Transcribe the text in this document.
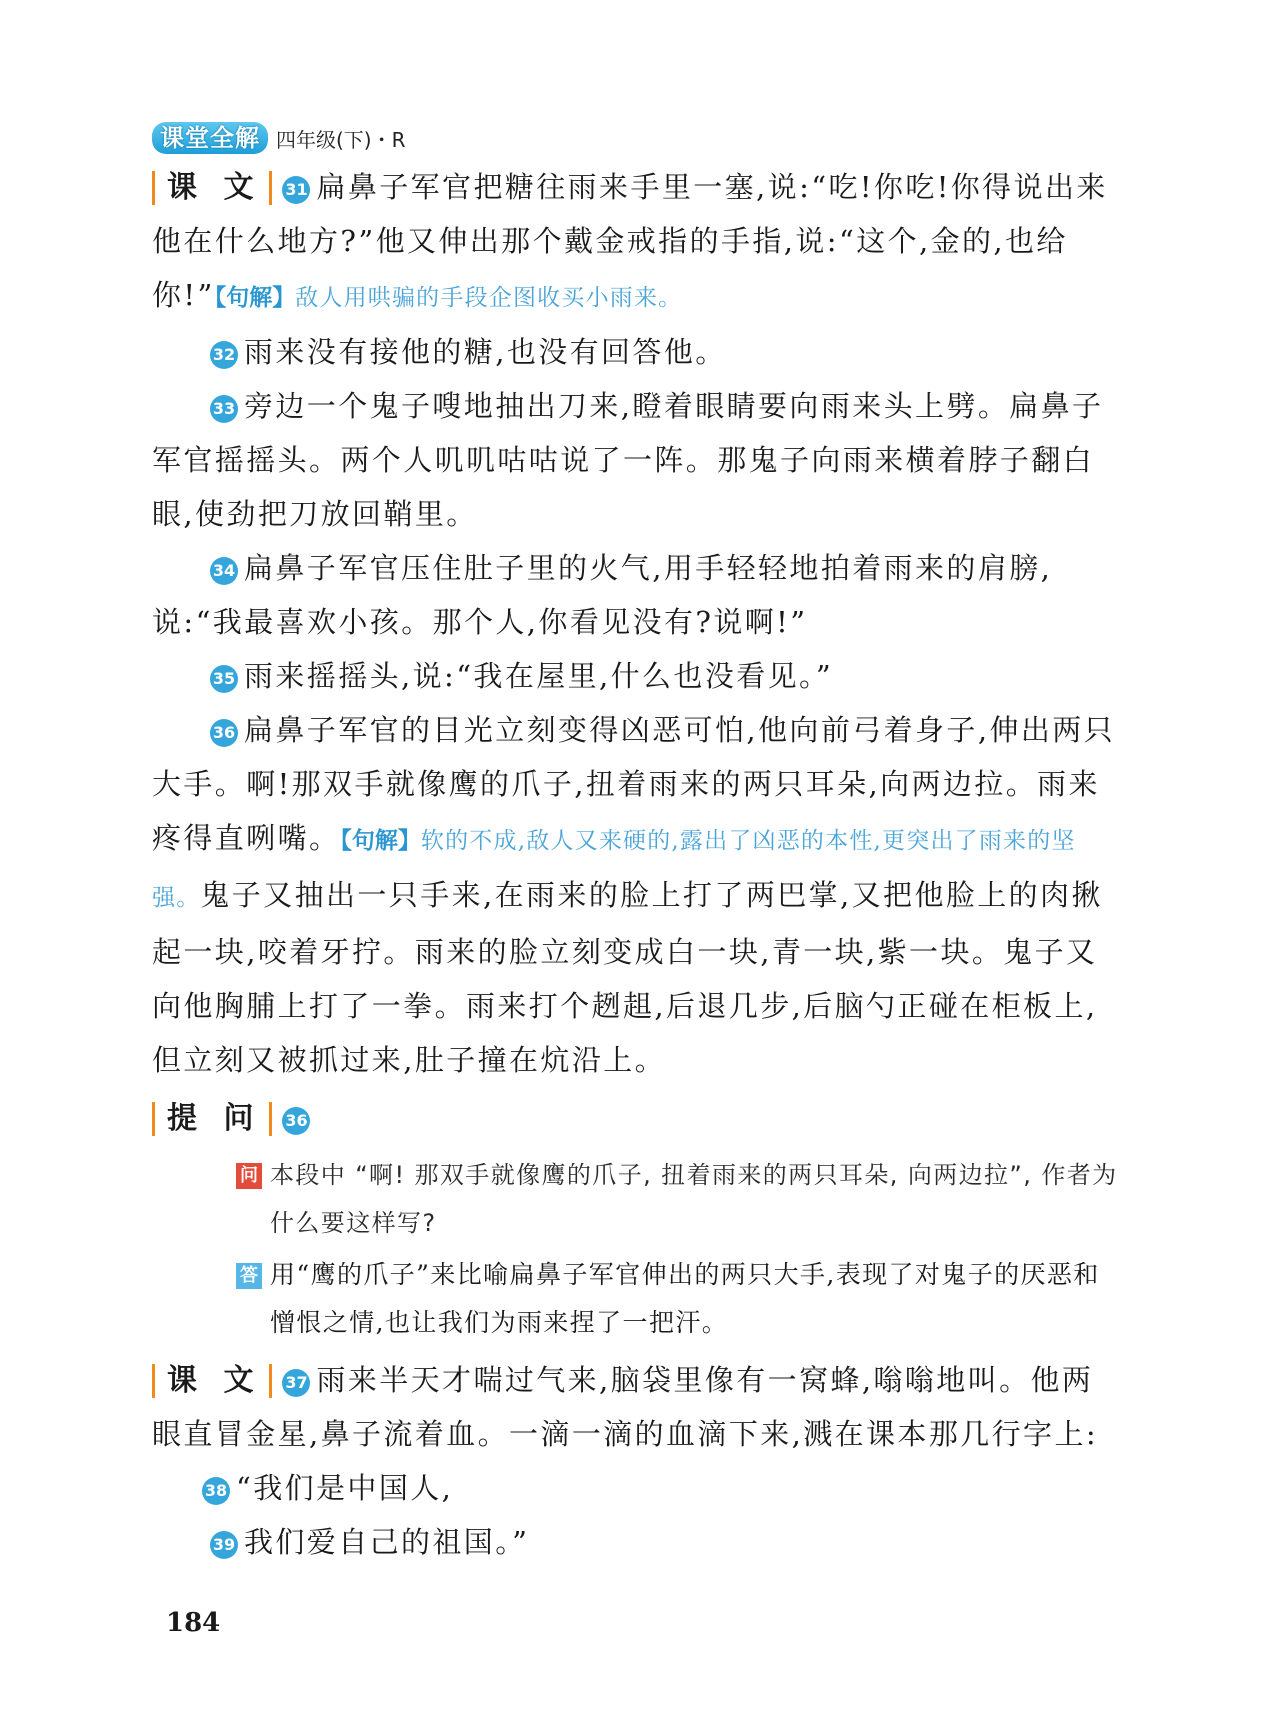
课堂全解 四年级(下)・R

课 文 31 扁鼻子军官把糖往雨来手里一塞,说:“吃!你吃!你得说出来他在什么地方?”他又伸出那个戴金戒指的手指,说:“这个,金的,也给你!”【句解】敌人用哄骗的手段企图收买小雨来。

32 雨来没有接他的糖,也没有回答他。

33 旁边一个鬼子嗖地抽出刀来,瞪着眼睛要向雨来头上劈。扁鼻子军官摇摇头。两个人叽叽咕咕说了一阵。那鬼子向雨来横着脖子翻白眼,使劲把刀放回鞘里。

34 扁鼻子军官压住肚子里的火气,用手轻轻地拍着雨来的肩膀,说:“我最喜欢小孩。那个人,你看见没有?说啊!”

35 雨来摇摇头,说:“我在屋里,什么也没看见。”

36 扁鼻子军官的目光立刻变得凶恶可怕,他向前弓着身子,伸出两只大手。啊!那双手就像鹰的爪子,扭着雨来的两只耳朵,向两边拉。雨来疼得直咧嘴。【句解】软的不成,敌人又来硬的,露出了凶恶的本性,更突出了雨来的坚强。鬼子又抽出一只手来,在雨来的脸上打了两巴掌,又把他脸上的肉揪起一块,咬着牙拧。雨来的脸立刻变成白一块,青一块,紫一块。鬼子又向他胸脯上打了一拳。雨来打个趔趄,后退几步,后脑勺正碰在柜板上,但立刻又被抓过来,肚子撞在炕沿上。

提 问 36

问 本段中 “啊! 那双手就像鹰的爪子, 扭着雨来的两只耳朵, 向两边拉”, 作者为什么要这样写?
答 用“鹰的爪子”来比喻扁鼻子军官伸出的两只大手,表现了对鬼子的厌恶和憎恨之情,也让我们为雨来捏了一把汗。

课 文 37 雨来半天才喘过气来,脑袋里像有一窝蜂,嗡嗡地叫。他两眼直冒金星,鼻子流着血。一滴一滴的血滴下来,溅在课本那几行字上:

38 “我们是中国人,

39 我们爱自己的祖国。”

184
